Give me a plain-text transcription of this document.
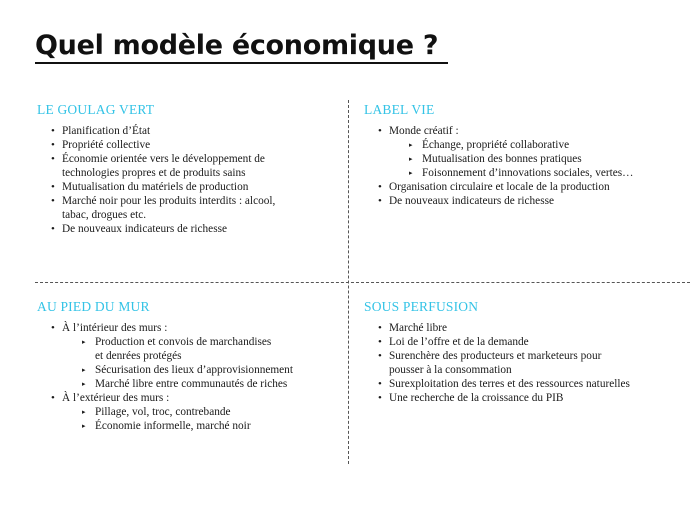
Quel modèle économique ?
LE GOULAG VERT
• Planification d’État
• Propriété collective
• Économie orientée vers le développement de
technologies propres et de produits sains
• Mutualisation du matériels de production
• Marché noir pour les produits interdits : alcool,
tabac, drogues etc.
• De nouveaux indicateurs de richesse
LABEL VIE
• Monde créatif :
▸ Échange, propriété collaborative
▸ Mutualisation des bonnes pratiques
▸ Foisonnement d’innovations sociales, vertes…
• Organisation circulaire et locale de la production
• De nouveaux indicateurs de richesse
AU PIED DU MUR
• À l’intérieur des murs :
▸ Production et convois de marchandises
et denrées protégés
▸ Sécurisation des lieux d’approvisionnement
▸ Marché libre entre communautés de riches
• À l’extérieur des murs :
▸ Pillage, vol, troc, contrebande
▸ Économie informelle, marché noir
SOUS PERFUSION
• Marché libre
• Loi de l’offre et de la demande
• Surenchère des producteurs et marketeurs pour
pousser à la consommation
• Surexploitation des terres et des ressources naturelles
• Une recherche de la croissance du PIB
